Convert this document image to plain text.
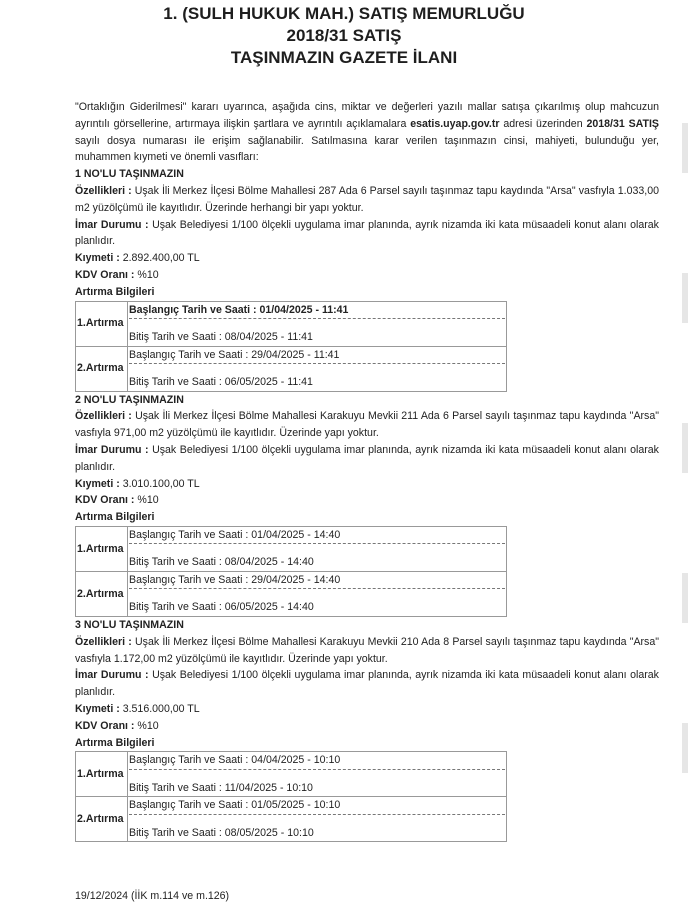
1. (SULH HUKUK MAH.) SATIŞ MEMURLUĞU
2018/31 SATIŞ
TAŞINMAZIN GAZETE İLANI
"Ortaklığın Giderilmesi" kararı uyarınca, aşağıda cins, miktar ve değerleri yazılı mallar satışa çıkarılmış olup mahcuzun ayrıntılı görsellerine, artırmaya ilişkin şartlara ve ayrıntılı açıklamalara esatis.uyap.gov.tr adresi üzerinden 2018/31 SATIŞ sayılı dosya numarası ile erişim sağlanabilir. Satılmasına karar verilen taşınmazın cinsi, mahiyeti, bulunduğu yer, muhammen kıymeti ve önemli vasıfları:
1 NO'LU TAŞINMAZIN
Özellikleri : Uşak İli Merkez İlçesi Bölme Mahallesi 287 Ada 6 Parsel sayılı taşınmaz tapu kaydında "Arsa" vasfıyla 1.033,00 m2 yüzölçümü ile kayıtlıdır. Üzerinde herhangi bir yapı yoktur.
İmar Durumu : Uşak Belediyesi 1/100 ölçekli uygulama imar planında, ayrık nizamda iki kata müsaadeli konut alanı olarak planlıdır.
Kıymeti : 2.892.400,00 TL
KDV Oranı : %10
Artırma Bilgileri
1.Artırma	Başlangıç Tarih ve Saati : 01/04/2025 - 11:41
Bitiş Tarih ve Saati : 08/04/2025 - 11:41

2.Artırma	Başlangıç Tarih ve Saati : 29/04/2025 - 11:41
Bitiş Tarih ve Saati : 06/05/2025 - 11:41
2 NO'LU TAŞINMAZIN
Özellikleri : Uşak İli Merkez İlçesi Bölme Mahallesi Karakuyu Mevkii 211 Ada 6 Parsel sayılı taşınmaz tapu kaydında "Arsa" vasfıyla 971,00 m2 yüzölçümü ile kayıtlıdır. Üzerinde yapı yoktur.
İmar Durumu : Uşak Belediyesi 1/100 ölçekli uygulama imar planında, ayrık nizamda iki kata müsaadeli konut alanı olarak planlıdır.
Kıymeti : 3.010.100,00 TL
KDV Oranı : %10
Artırma Bilgileri
1.Artırma	Başlangıç Tarih ve Saati : 01/04/2025 - 14:40
Bitiş Tarih ve Saati : 08/04/2025 - 14:40

2.Artırma	Başlangıç Tarih ve Saati : 29/04/2025 - 14:40
Bitiş Tarih ve Saati : 06/05/2025 - 14:40
3 NO'LU TAŞINMAZIN
Özellikleri : Uşak İli Merkez İlçesi Bölme Mahallesi Karakuyu Mevkii 210 Ada 8 Parsel sayılı taşınmaz tapu kaydında "Arsa" vasfıyla 1.172,00 m2 yüzölçümü ile kayıtlıdır. Üzerinde yapı yoktur.
İmar Durumu : Uşak Belediyesi 1/100 ölçekli uygulama imar planında, ayrık nizamda iki kata müsaadeli konut alanı olarak planlıdır.
Kıymeti : 3.516.000,00 TL
KDV Oranı : %10
Artırma Bilgileri
1.Artırma	Başlangıç Tarih ve Saati : 04/04/2025 - 10:10
Bitiş Tarih ve Saati : 11/04/2025 - 10:10

2.Artırma	Başlangıç Tarih ve Saati : 01/05/2025 - 10:10
Bitiş Tarih ve Saati : 08/05/2025 - 10:10
19/12/2024 (İİK m.114 ve m.126)
